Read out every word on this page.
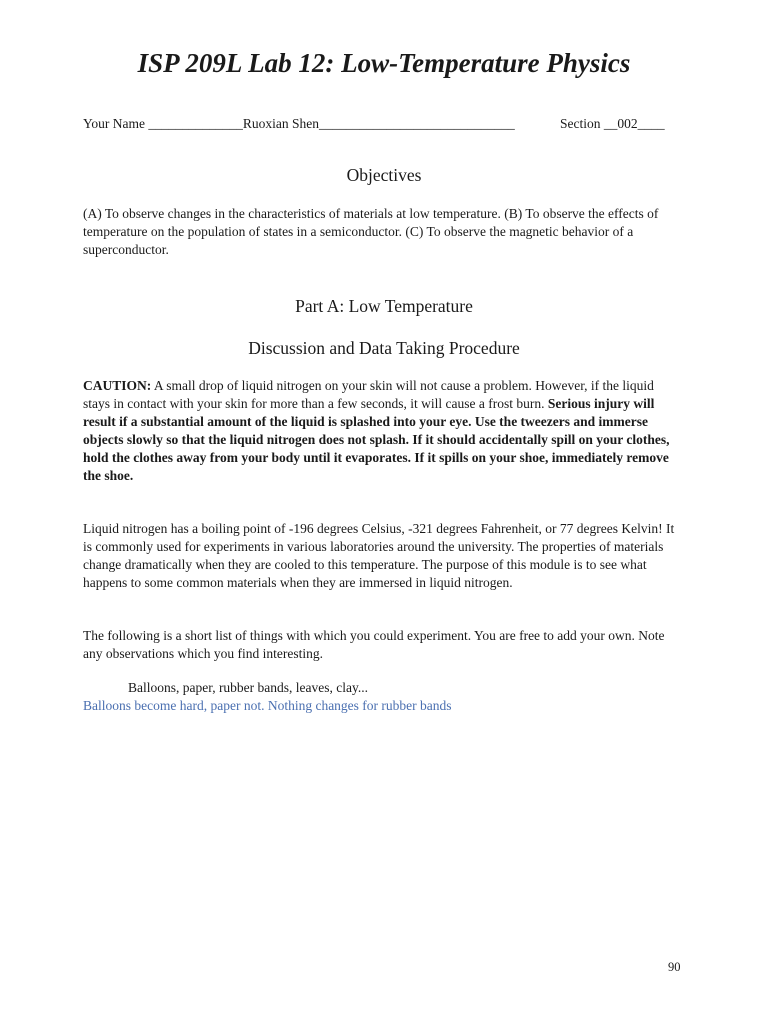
ISP 209L Lab 12: Low-Temperature Physics
Your Name ______________Ruoxian Shen_____________________________	Section __002____
Objectives
(A) To observe changes in the characteristics of materials at low temperature. (B) To observe the effects of temperature on the population of states in a semiconductor. (C) To observe the magnetic behavior of a superconductor.
Part A: Low Temperature
Discussion and Data Taking Procedure
CAUTION: A small drop of liquid nitrogen on your skin will not cause a problem. However, if the liquid stays in contact with your skin for more than a few seconds, it will cause a frost burn. Serious injury will result if a substantial amount of the liquid is splashed into your eye. Use the tweezers and immerse objects slowly so that the liquid nitrogen does not splash. If it should accidentally spill on your clothes, hold the clothes away from your body until it evaporates. If it spills on your shoe, immediately remove the shoe.
Liquid nitrogen has a boiling point of -196 degrees Celsius, -321 degrees Fahrenheit, or 77 degrees Kelvin! It is commonly used for experiments in various laboratories around the university. The properties of materials change dramatically when they are cooled to this temperature. The purpose of this module is to see what happens to some common materials when they are immersed in liquid nitrogen.
The following is a short list of things with which you could experiment. You are free to add your own. Note any observations which you find interesting.
Balloons, paper, rubber bands, leaves, clay...
Balloons become hard, paper not. Nothing changes for rubber bands
90
